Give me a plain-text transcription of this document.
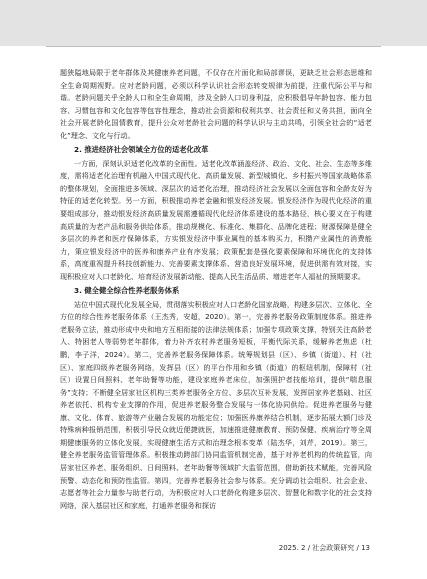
题狭隘地局限于老年群体及其健康养老问题，不仅存在片面化和局部谬误，更缺乏社会形态思维和全生命周期视野。应对老龄问题，必须以科学认识社会形态转变规律为前提，注重代际公平与和谐。老龄问题关乎全龄人口和全生命周期，涉及全龄人口切身利益，应积极倡导年龄包容、能力包容、习惯包容和文化包容等包容性理念，推动社会资源和权利共享、社会责任和义务共担，面向全社会开展老龄化国情教育，提升公众对老龄社会问题的科学认识与主动共鸣，引领全社会的“适老化”理念、文化与行动。

2. 推进经济社会领域全方位的适老化改革

一方面，深刻认识适老化改革的全面性。适老化改革涵盖经济、政治、文化、社会、生态等多维度，需将适老化治理有机融入中国式现代化、高质量发展、新型城镇化、乡村振兴等国家战略体系的整体规划，全面推进多领域、深层次的适老化治理，推动经济社会发展以全面包容和全龄友好为特征的适老化转型。另一方面，积极推动养老金融和银发经济发展。银发经济作为现代化经济的重要组成部分，推动银发经济高质量发展需遵循现代化经济体系建设的基本路径，核心要义在于构建高质量的为老产品和服务供给体系，推动规模化、标准化、集群化、品牌化进程；财源保障是健全多层次的养老和医疗保障体系，方实银发经济中事业属性的基本购买力，积攒产业属性的消费能力，策应银发经济中的医养和康养产业有序发展；政策配套是强化要素保障和环境优化的支持体系，高度重视提升科技创新能力、完善要素支撑体系、营造良好发展环境，促进供需有效对接，实现积极应对人口老龄化、培育经济发展新动能、提高人民生活品质、增进老年人福祉的预期要求。

3. 健全健全综合性养老服务体系

站位中国式现代化发展全局，贯彻落实积极应对人口老龄化国家战略，构建多层次、立体化、全方位的综合性养老服务体系（王杰秀，安超，2020）。第一，完善养老服务政策制度体系。推进养老服务立法，推动形成中央和地方互相衔接的法律法规体系；加强专项政策支撑，特别关注高龄老人、特困老人等弱势老年群体，着力补齐农村养老服务短板，平衡代际关系，缓解养老焦虑（杜鹏，李子洋，2024）。第二，完善养老服务保障体系。统筹规划县（区）、乡镇（街道）、村（社区）、家庭四级养老服务网络，发挥县（区）的平台作用和乡镇（街道）的枢纽机制，保障村（社区）设置日间照料、老年助餐等功能，建设家庭养老床位，加强照护者技能培训，提供“喘息服务”支持；不断健全居家社区机构三类养老服务全方位、多层次互补发展，发挥居家养老基础、社区养老依托、机构专业支撑的作用，促进养老服务整合发展与一体化协同供给。促进养老服务与健康、文化、体育、旅游等产业融合发展的功能定位；加强医养康养结合机制，逐步拓展大额门诊及特殊病种报销范围，积极引导民众就近便捷就医，加速推进健康教育、预防保健、疾病治疗等全周期健康服务的立体化发展，实现健康生活方式和治理念根本变革（陆杰华，刘芹，2019）。第三，健全养老服务监管管理体系。积极推动跨部门协同监管机制完善，基于对养老机构的传统监管，向居家社区养老、服务组织、日间照料、老年助餐等领域扩大监管范围，借助新技术赋能，完善风险预警、动态化和预防性监管。第四，完善养老服务社会参与体系。充分调动社会组织、社会企业、志愿者等社会力量参与助老行动，为积极应对人口老龄化构建多层次、智慧化和数字化的社会支持网络，深入基层社区和家庭，打通养老服务和探访

2025. 2 / 社会政策研究 / 13
